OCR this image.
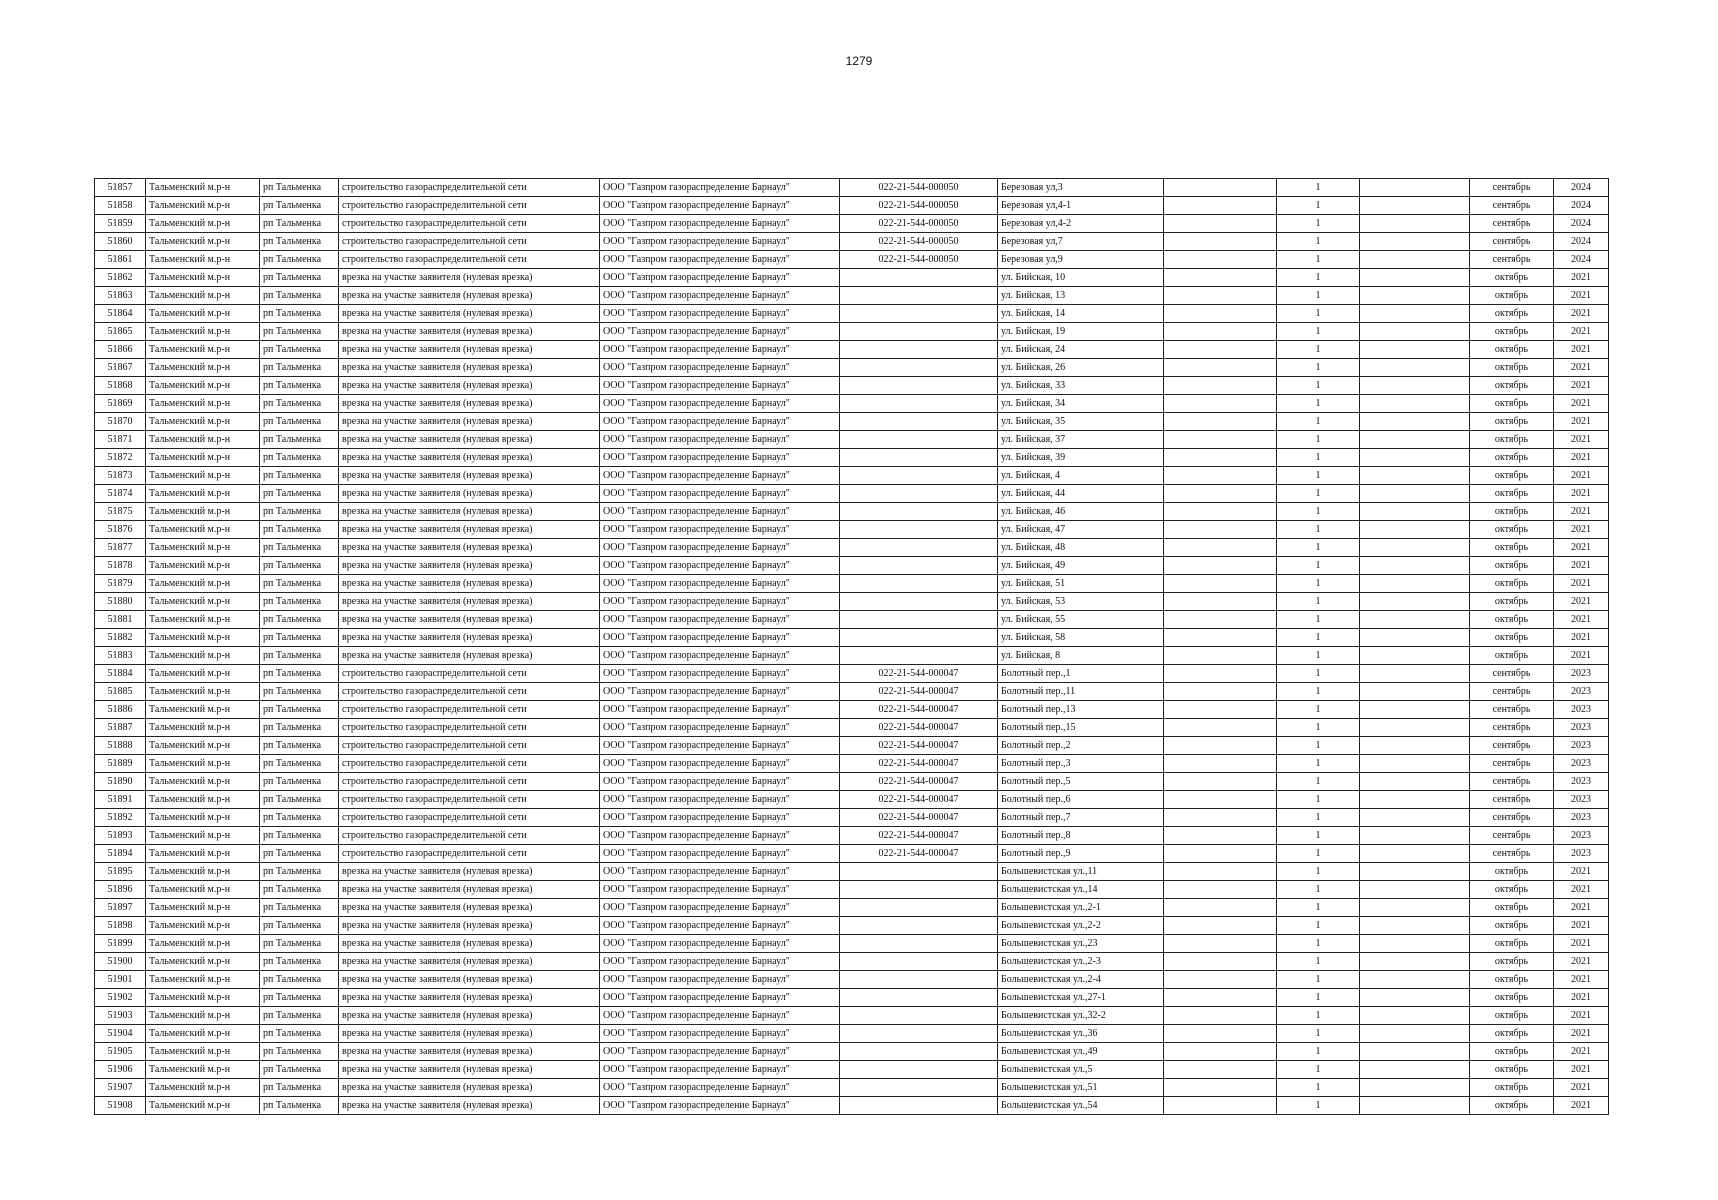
1279
51857	Тальменский м.р-н	рп Тальменка	строительство газораспределительной сети	ООО "Газпром газораспределение Барнаул"	022-21-544-000050	Березовая ул,3		1		сентябрь	2024
51858	Тальменский м.р-н	рп Тальменка	строительство газораспределительной сети	ООО "Газпром газораспределение Барнаул"	022-21-544-000050	Березовая ул,4-1		1		сентябрь	2024
51859	Тальменский м.р-н	рп Тальменка	строительство газораспределительной сети	ООО "Газпром газораспределение Барнаул"	022-21-544-000050	Березовая ул,4-2		1		сентябрь	2024
51860	Тальменский м.р-н	рп Тальменка	строительство газораспределительной сети	ООО "Газпром газораспределение Барнаул"	022-21-544-000050	Березовая ул,7		1		сентябрь	2024
51861	Тальменский м.р-н	рп Тальменка	строительство газораспределительной сети	ООО "Газпром газораспределение Барнаул"	022-21-544-000050	Березовая ул,9		1		сентябрь	2024
51862	Тальменский м.р-н	рп Тальменка	врезка на участке заявителя (нулевая врезка)	ООО "Газпром газораспределение Барнаул"		ул. Бийская, 10		1		октябрь	2021
51863	Тальменский м.р-н	рп Тальменка	врезка на участке заявителя (нулевая врезка)	ООО "Газпром газораспределение Барнаул"		ул. Бийская, 13		1		октябрь	2021
51864	Тальменский м.р-н	рп Тальменка	врезка на участке заявителя (нулевая врезка)	ООО "Газпром газораспределение Барнаул"		ул. Бийская, 14		1		октябрь	2021
51865	Тальменский м.р-н	рп Тальменка	врезка на участке заявителя (нулевая врезка)	ООО "Газпром газораспределение Барнаул"		ул. Бийская, 19		1		октябрь	2021
51866	Тальменский м.р-н	рп Тальменка	врезка на участке заявителя (нулевая врезка)	ООО "Газпром газораспределение Барнаул"		ул. Бийская, 24		1		октябрь	2021
51867	Тальменский м.р-н	рп Тальменка	врезка на участке заявителя (нулевая врезка)	ООО "Газпром газораспределение Барнаул"		ул. Бийская, 26		1		октябрь	2021
51868	Тальменский м.р-н	рп Тальменка	врезка на участке заявителя (нулевая врезка)	ООО "Газпром газораспределение Барнаул"		ул. Бийская, 33		1		октябрь	2021
51869	Тальменский м.р-н	рп Тальменка	врезка на участке заявителя (нулевая врезка)	ООО "Газпром газораспределение Барнаул"		ул. Бийская, 34		1		октябрь	2021
51870	Тальменский м.р-н	рп Тальменка	врезка на участке заявителя (нулевая врезка)	ООО "Газпром газораспределение Барнаул"		ул. Бийская, 35		1		октябрь	2021
51871	Тальменский м.р-н	рп Тальменка	врезка на участке заявителя (нулевая врезка)	ООО "Газпром газораспределение Барнаул"		ул. Бийская, 37		1		октябрь	2021
51872	Тальменский м.р-н	рп Тальменка	врезка на участке заявителя (нулевая врезка)	ООО "Газпром газораспределение Барнаул"		ул. Бийская, 39		1		октябрь	2021
51873	Тальменский м.р-н	рп Тальменка	врезка на участке заявителя (нулевая врезка)	ООО "Газпром газораспределение Барнаул"		ул. Бийская, 4		1		октябрь	2021
51874	Тальменский м.р-н	рп Тальменка	врезка на участке заявителя (нулевая врезка)	ООО "Газпром газораспределение Барнаул"		ул. Бийская, 44		1		октябрь	2021
51875	Тальменский м.р-н	рп Тальменка	врезка на участке заявителя (нулевая врезка)	ООО "Газпром газораспределение Барнаул"		ул. Бийская, 46		1		октябрь	2021
51876	Тальменский м.р-н	рп Тальменка	врезка на участке заявителя (нулевая врезка)	ООО "Газпром газораспределение Барнаул"		ул. Бийская, 47		1		октябрь	2021
51877	Тальменский м.р-н	рп Тальменка	врезка на участке заявителя (нулевая врезка)	ООО "Газпром газораспределение Барнаул"		ул. Бийская, 48		1		октябрь	2021
51878	Тальменский м.р-н	рп Тальменка	врезка на участке заявителя (нулевая врезка)	ООО "Газпром газораспределение Барнаул"		ул. Бийская, 49		1		октябрь	2021
51879	Тальменский м.р-н	рп Тальменка	врезка на участке заявителя (нулевая врезка)	ООО "Газпром газораспределение Барнаул"		ул. Бийская, 51		1		октябрь	2021
51880	Тальменский м.р-н	рп Тальменка	врезка на участке заявителя (нулевая врезка)	ООО "Газпром газораспределение Барнаул"		ул. Бийская, 53		1		октябрь	2021
51881	Тальменский м.р-н	рп Тальменка	врезка на участке заявителя (нулевая врезка)	ООО "Газпром газораспределение Барнаул"		ул. Бийская, 55		1		октябрь	2021
51882	Тальменский м.р-н	рп Тальменка	врезка на участке заявителя (нулевая врезка)	ООО "Газпром газораспределение Барнаул"		ул. Бийская, 58		1		октябрь	2021
51883	Тальменский м.р-н	рп Тальменка	врезка на участке заявителя (нулевая врезка)	ООО "Газпром газораспределение Барнаул"		ул. Бийская, 8		1		октябрь	2021
51884	Тальменский м.р-н	рп Тальменка	строительство газораспределительной сети	ООО "Газпром газораспределение Барнаул"	022-21-544-000047	Болотный пер.,1		1		сентябрь	2023
51885	Тальменский м.р-н	рп Тальменка	строительство газораспределительной сети	ООО "Газпром газораспределение Барнаул"	022-21-544-000047	Болотный пер.,11		1		сентябрь	2023
51886	Тальменский м.р-н	рп Тальменка	строительство газораспределительной сети	ООО "Газпром газораспределение Барнаул"	022-21-544-000047	Болотный пер.,13		1		сентябрь	2023
51887	Тальменский м.р-н	рп Тальменка	строительство газораспределительной сети	ООО "Газпром газораспределение Барнаул"	022-21-544-000047	Болотный пер.,15		1		сентябрь	2023
51888	Тальменский м.р-н	рп Тальменка	строительство газораспределительной сети	ООО "Газпром газораспределение Барнаул"	022-21-544-000047	Болотный пер.,2		1		сентябрь	2023
51889	Тальменский м.р-н	рп Тальменка	строительство газораспределительной сети	ООО "Газпром газораспределение Барнаул"	022-21-544-000047	Болотный пер.,3		1		сентябрь	2023
51890	Тальменский м.р-н	рп Тальменка	строительство газораспределительной сети	ООО "Газпром газораспределение Барнаул"	022-21-544-000047	Болотный пер.,5		1		сентябрь	2023
51891	Тальменский м.р-н	рп Тальменка	строительство газораспределительной сети	ООО "Газпром газораспределение Барнаул"	022-21-544-000047	Болотный пер.,6		1		сентябрь	2023
51892	Тальменский м.р-н	рп Тальменка	строительство газораспределительной сети	ООО "Газпром газораспределение Барнаул"	022-21-544-000047	Болотный пер.,7		1		сентябрь	2023
51893	Тальменский м.р-н	рп Тальменка	строительство газораспределительной сети	ООО "Газпром газораспределение Барнаул"	022-21-544-000047	Болотный пер.,8		1		сентябрь	2023
51894	Тальменский м.р-н	рп Тальменка	строительство газораспределительной сети	ООО "Газпром газораспределение Барнаул"	022-21-544-000047	Болотный пер.,9		1		сентябрь	2023
51895	Тальменский м.р-н	рп Тальменка	врезка на участке заявителя (нулевая врезка)	ООО "Газпром газораспределение Барнаул"		Большевистская ул.,11		1		октябрь	2021
51896	Тальменский м.р-н	рп Тальменка	врезка на участке заявителя (нулевая врезка)	ООО "Газпром газораспределение Барнаул"		Большевистская ул.,14		1		октябрь	2021
51897	Тальменский м.р-н	рп Тальменка	врезка на участке заявителя (нулевая врезка)	ООО "Газпром газораспределение Барнаул"		Большевистская ул.,2-1		1		октябрь	2021
51898	Тальменский м.р-н	рп Тальменка	врезка на участке заявителя (нулевая врезка)	ООО "Газпром газораспределение Барнаул"		Большевистская ул.,2-2		1		октябрь	2021
51899	Тальменский м.р-н	рп Тальменка	врезка на участке заявителя (нулевая врезка)	ООО "Газпром газораспределение Барнаул"		Большевистская ул.,23		1		октябрь	2021
51900	Тальменский м.р-н	рп Тальменка	врезка на участке заявителя (нулевая врезка)	ООО "Газпром газораспределение Барнаул"		Большевистская ул.,2-3		1		октябрь	2021
51901	Тальменский м.р-н	рп Тальменка	врезка на участке заявителя (нулевая врезка)	ООО "Газпром газораспределение Барнаул"		Большевистская ул.,2-4		1		октябрь	2021
51902	Тальменский м.р-н	рп Тальменка	врезка на участке заявителя (нулевая врезка)	ООО "Газпром газораспределение Барнаул"		Большевистская ул.,27-1		1		октябрь	2021
51903	Тальменский м.р-н	рп Тальменка	врезка на участке заявителя (нулевая врезка)	ООО "Газпром газораспределение Барнаул"		Большевистская ул.,32-2		1		октябрь	2021
51904	Тальменский м.р-н	рп Тальменка	врезка на участке заявителя (нулевая врезка)	ООО "Газпром газораспределение Барнаул"		Большевистская ул.,36		1		октябрь	2021
51905	Тальменский м.р-н	рп Тальменка	врезка на участке заявителя (нулевая врезка)	ООО "Газпром газораспределение Барнаул"		Большевистская ул.,49		1		октябрь	2021
51906	Тальменский м.р-н	рп Тальменка	врезка на участке заявителя (нулевая врезка)	ООО "Газпром газораспределение Барнаул"		Большевистская ул.,5		1		октябрь	2021
51907	Тальменский м.р-н	рп Тальменка	врезка на участке заявителя (нулевая врезка)	ООО "Газпром газораспределение Барнаул"		Большевистская ул.,51		1		октябрь	2021
51908	Тальменский м.р-н	рп Тальменка	врезка на участке заявителя (нулевая врезка)	ООО "Газпром газораспределение Барнаул"		Большевистская ул.,54		1		октябрь	2021
